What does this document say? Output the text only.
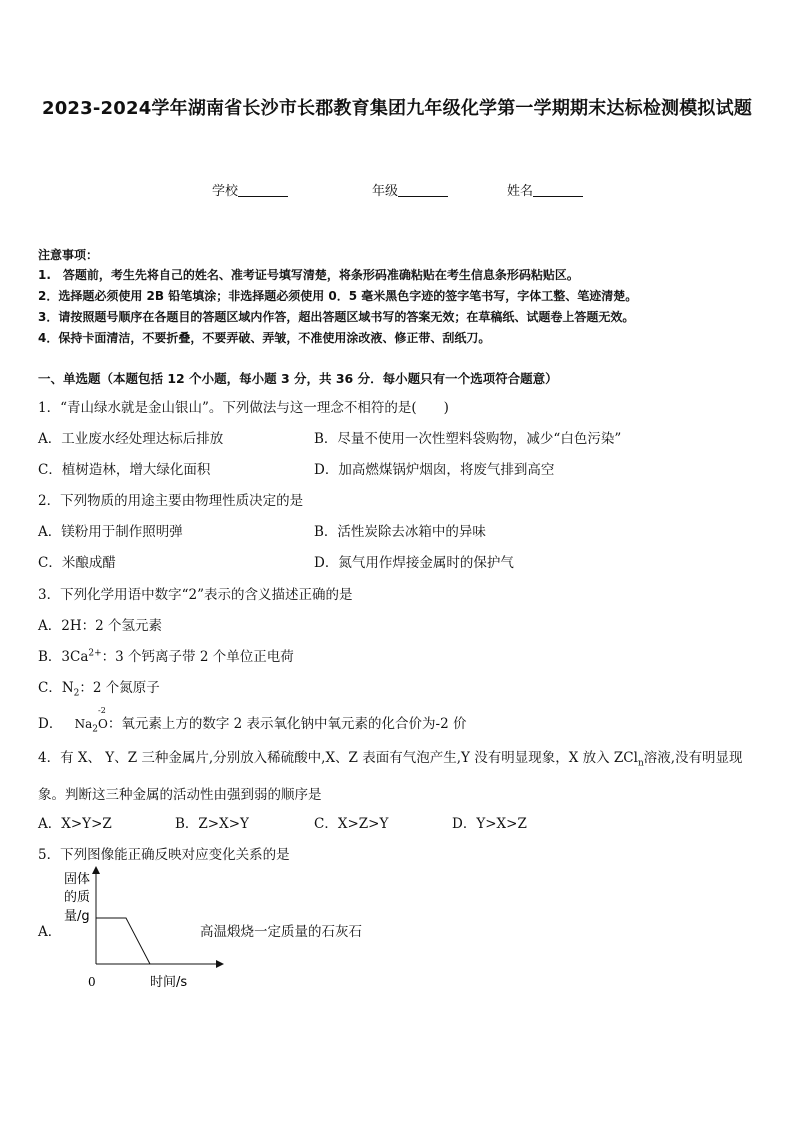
2023-2024学年湖南省长沙市长郡教育集团九年级化学第一学期期末达标检测模拟试题
学校	年级	姓名
注意事项：
1.　答题前，考生先将自己的姓名、准考证号填写清楚，将条形码准确粘贴在考生信息条形码粘贴区。
2．选择题必须使用 2B 铅笔填涂；非选择题必须使用 0．5 毫米黑色字迹的签字笔书写，字体工整、笔迹清楚。
3．请按照题号顺序在各题目的答题区域内作答，超出答题区域书写的答案无效；在草稿纸、试题卷上答题无效。
4．保持卡面清洁，不要折叠，不要弄破、弄皱，不准使用涂改液、修正带、刮纸刀。
一、单选题（本题包括 12 个小题，每小题 3 分，共 36 分．每小题只有一个选项符合题意）
1．“青山绿水就是金山银山”。下列做法与这一理念不相符的是(　　)
A．工业废水经处理达标后排放	B．尽量不使用一次性塑料袋购物，减少“白色污染”
C．植树造林，增大绿化面积	D．加高燃煤锅炉烟囱，将废气排到高空
2．下列物质的用途主要由物理性质决定的是
A．镁粉用于制作照明弹	B．活性炭除去冰箱中的异味
C．米酿成醋	D．氮气用作焊接金属时的保护气
3．下列化学用语中数字“2”表示的含义描述正确的是
A．2H：2 个氢元素
B．$3Ca^{2+}$：3 个钙离子带 2 个单位正电荷
C．$N_2$：2 个氮原子
D． $Na_2O$
-2
：氧元素上方的数字 2 表示氧化钠中氧元素的化合价为-2 价
4．有 X、 Y、Z 三种金属片,分别放入稀硫酸中,X、Z 表面有气泡产生,Y 没有明显现象，X 放入 ZCl$_n$溶液,没有明显现象。判断这三种金属的活动性由强到弱的顺序是
A．X>Y>Z	B．Z>X>Y	C．X>Z>Y	D．Y>X>Z
5．下列图像能正确反映对应变化关系的是
A．	高温煅烧一定质量的石灰石
固体
的质
量/g
0	时间/s
